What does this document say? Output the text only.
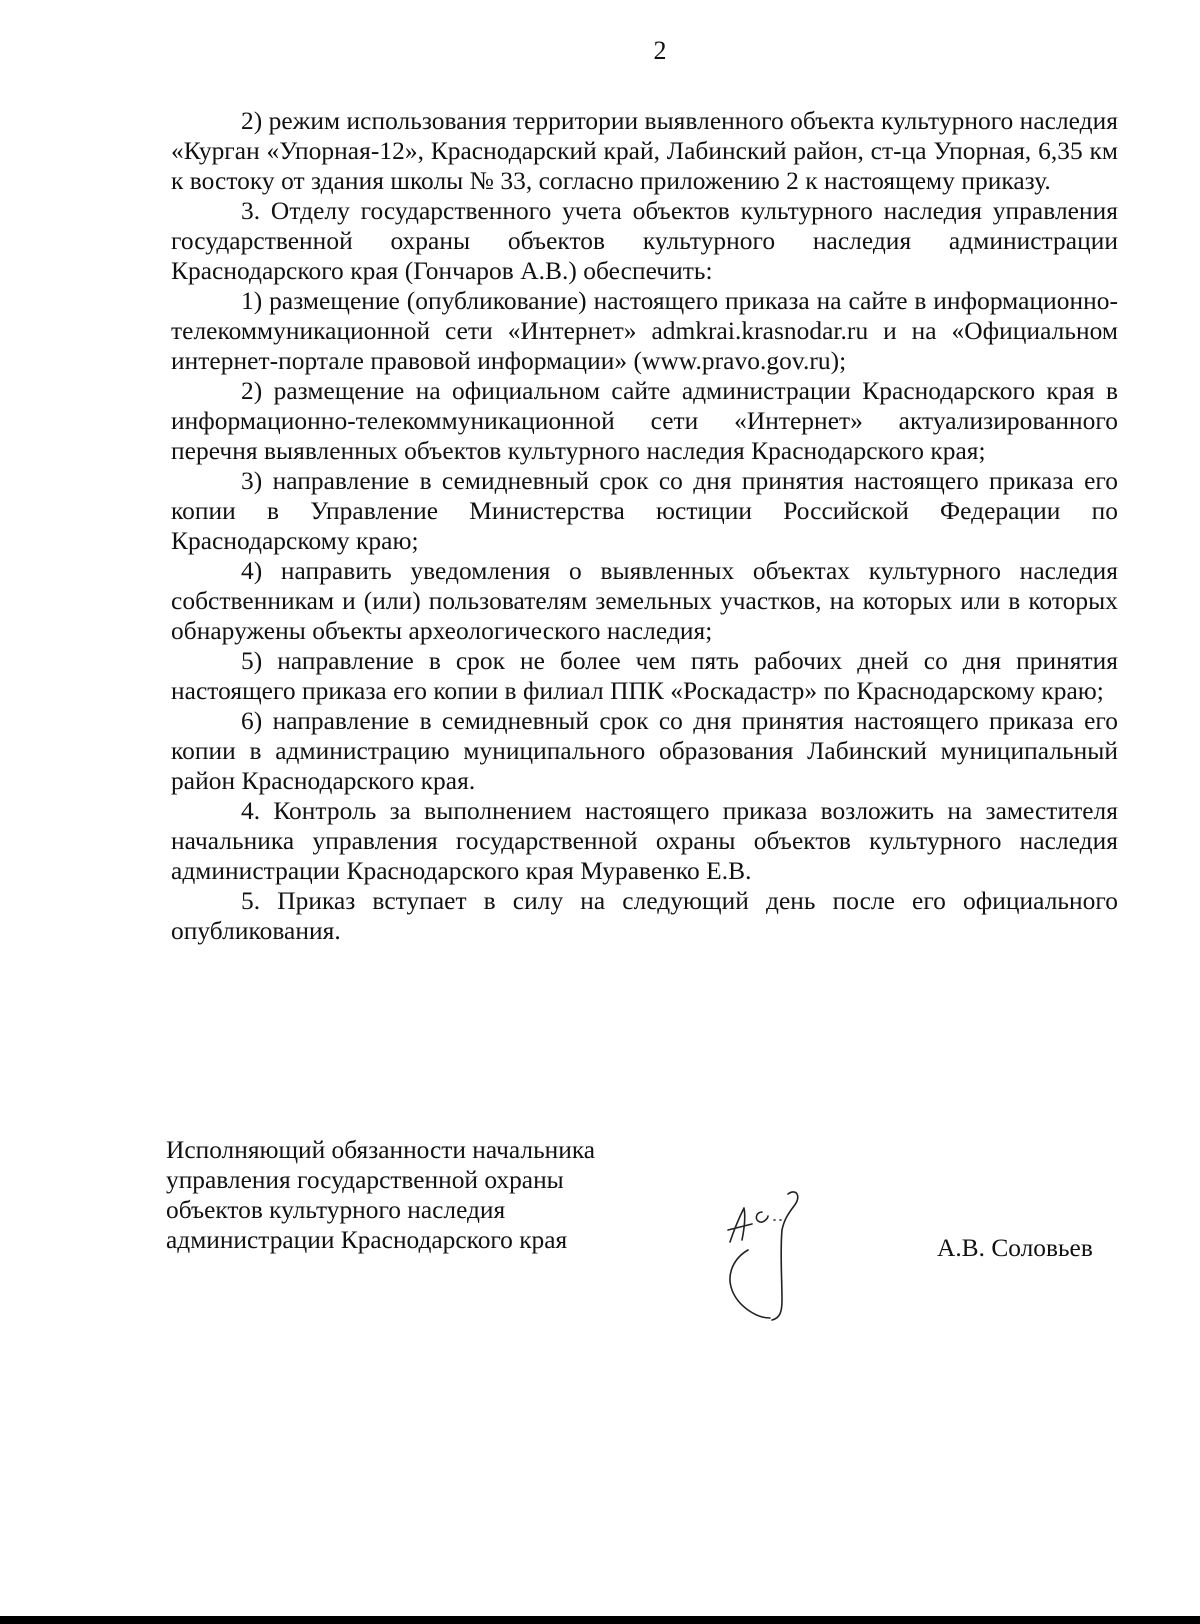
2

2) режим использования территории выявленного объекта культурного наследия «Курган «Упорная-12», Краснодарский край, Лабинский район, ст-ца Упорная, 6,35 км к востоку от здания школы № 33, согласно приложению 2 к настоящему приказу.

3. Отделу государственного учета объектов культурного наследия управления государственной охраны объектов культурного наследия администрации Краснодарского края (Гончаров А.В.) обеспечить:

1) размещение (опубликование) настоящего приказа на сайте в информационно-телекоммуникационной сети «Интернет» admkrai.krasnodar.ru и на «Официальном интернет-портале правовой информации» (www.pravo.gov.ru);

2) размещение на официальном сайте администрации Краснодарского края в информационно-телекоммуникационной сети «Интернет» актуализированного перечня выявленных объектов культурного наследия Краснодарского края;

3) направление в семидневный срок со дня принятия настоящего приказа его копии в Управление Министерства юстиции Российской Федерации по Краснодарскому краю;

4) направить уведомления о выявленных объектах культурного наследия собственникам и (или) пользователям земельных участков, на которых или в которых обнаружены объекты археологического наследия;

5) направление в срок не более чем пять рабочих дней со дня принятия настоящего приказа его копии в филиал ППК «Роскадастр» по Краснодарскому краю;

6) направление в семидневный срок со дня принятия настоящего приказа его копии в администрацию муниципального образования Лабинский муниципальный район Краснодарского края.

4. Контроль за выполнением настоящего приказа возложить на заместителя начальника управления государственной охраны объектов культурного наследия администрации Краснодарского края Муравенко Е.В.

5. Приказ вступает в силу на следующий день после его официального опубликования.

Исполняющий обязанности начальника
управления государственной охраны
объектов культурного наследия
администрации Краснодарского края	А.В. Соловьев
